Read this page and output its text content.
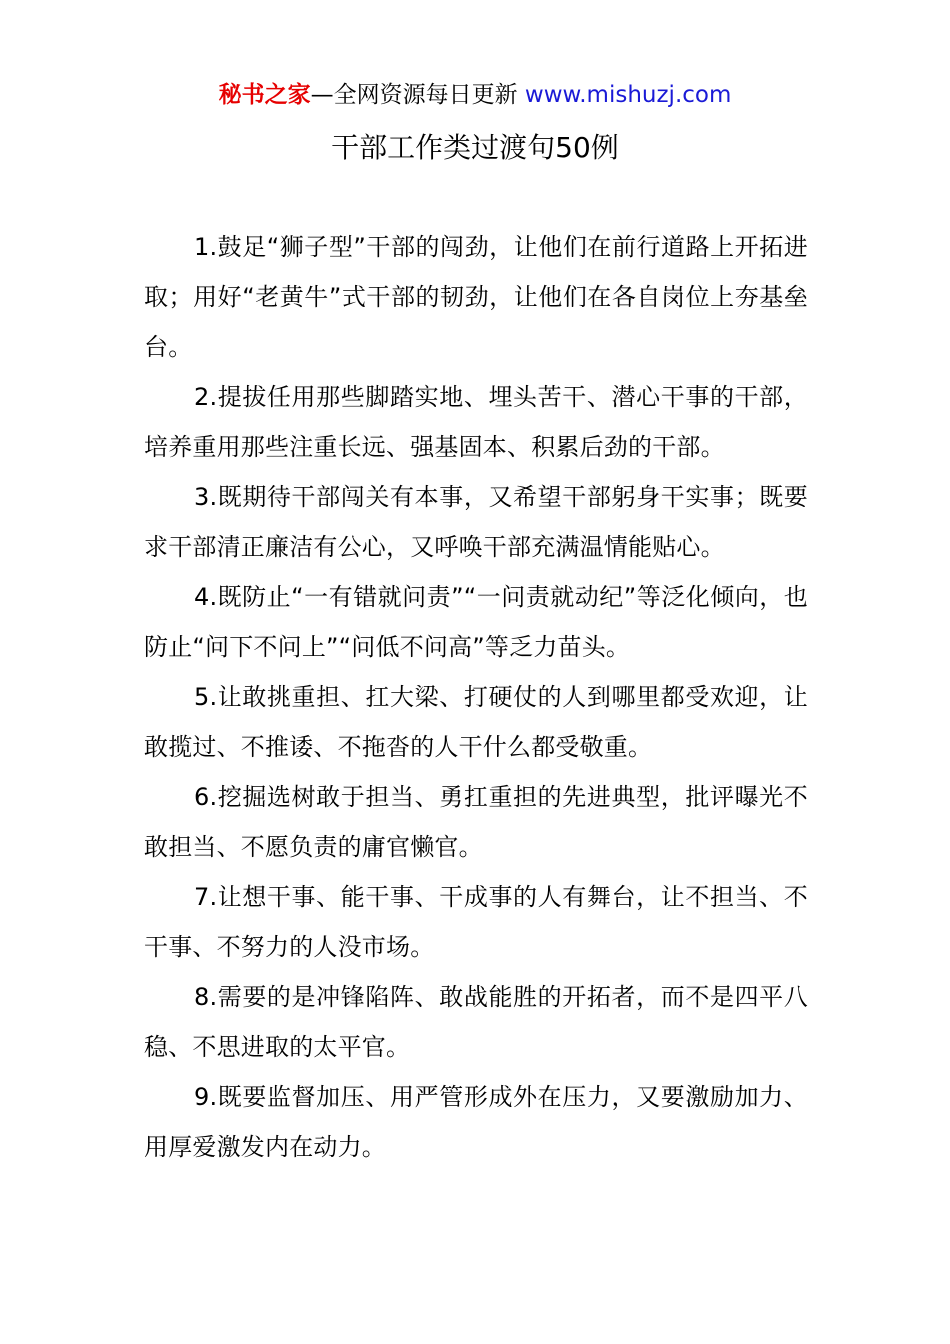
秘书之家—全网资源每日更新 www.mishuzj.com
干部工作类过渡句50例

1.鼓足“狮子型”干部的闯劲，让他们在前行道路上开拓进取；用好“老黄牛”式干部的韧劲，让他们在各自岗位上夯基垒台。

2.提拔任用那些脚踏实地、埋头苦干、潜心干事的干部，培养重用那些注重长远、强基固本、积累后劲的干部。

3.既期待干部闯关有本事，又希望干部躬身干实事；既要求干部清正廉洁有公心，又呼唤干部充满温情能贴心。

4.既防止“一有错就问责”“一问责就动纪”等泛化倾向，也防止“问下不问上”“问低不问高”等乏力苗头。

5.让敢挑重担、扛大梁、打硬仗的人到哪里都受欢迎，让敢揽过、不推诿、不拖沓的人干什么都受敬重。

6.挖掘选树敢于担当、勇扛重担的先进典型，批评曝光不敢担当、不愿负责的庸官懒官。

7.让想干事、能干事、干成事的人有舞台，让不担当、不干事、不努力的人没市场。

8.需要的是冲锋陷阵、敢战能胜的开拓者，而不是四平八稳、不思进取的太平官。

9.既要监督加压、用严管形成外在压力，又要激励加力、用厚爱激发内在动力。
